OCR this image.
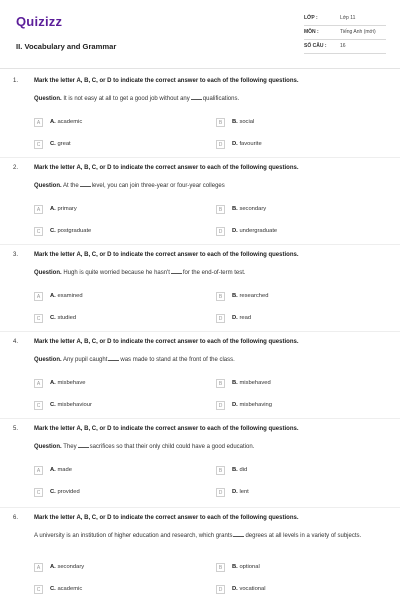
Quizizz
II. Vocabulary and Grammar
LỚP :	Lớp 11
MÔN :	Tiếng Anh (mới)
SỐ CÂU :	16
1.	Mark the letter A, B, C, or D to indicate the correct answer to each of the following questions.
Question. It is not easy at all to get a good job without any qualifications.
A	A. academic	B	B. social
C	C. great	D	D. favourite
2.	Mark the letter A, B, C, or D to indicate the correct answer to each of the following questions.
Question. At the level, you can join three-year or four-year colleges
A	A. primary	B	B. secondary
C	C. postgraduate	D	D. undergraduate
3.	Mark the letter A, B, C, or D to indicate the correct answer to each of the following questions.
Question. Hugh is quite worried because he hasn't for the end-of-term test.
A	A. examined	B	B. researched
C	C. studied	D	D. read
4.	Mark the letter A, B, C, or D to indicate the correct answer to each of the following questions.
Question. Any pupil caught was made to stand at the front of the class.
A	A. misbehave	B	B. misbehaved
C	C. misbehaviour	D	D. misbehaving
5.	Mark the letter A, B, C, or D to indicate the correct answer to each of the following questions.
Question. They sacrifices so that their only child could have a good education.
A	A. made	B	B. did
C	C. provided	D	D. lent
6.	Mark the letter A, B, C, or D to indicate the correct answer to each of the following questions.
A university is an institution of higher education and research, which grants degrees at all levels in a variety of subjects.
A	A. secondary	B	B. optional
C	C. academic	D	D. vocational
